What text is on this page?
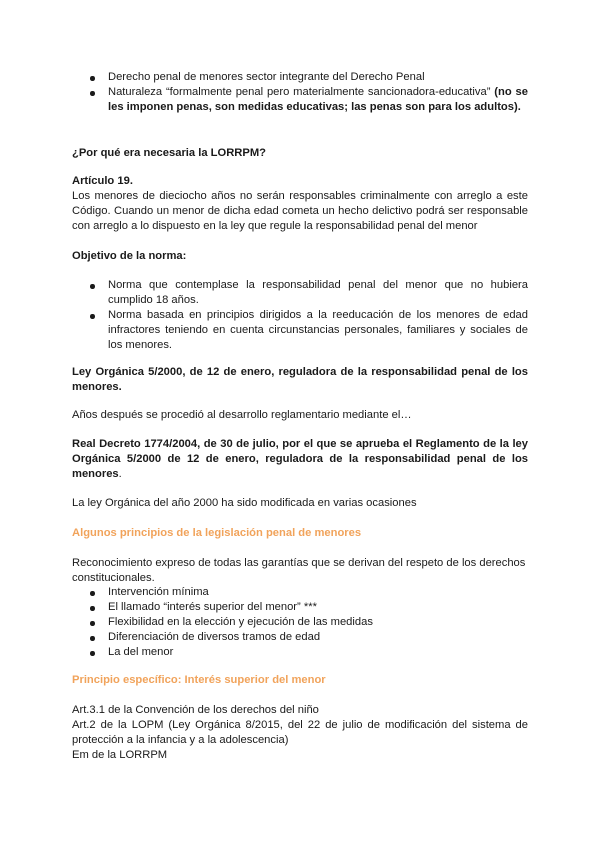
Derecho penal de menores sector integrante del Derecho Penal
Naturaleza “formalmente penal pero materialmente sancionadora-educativa” (no se les imponen penas, son medidas educativas; las penas son para los adultos).

¿Por qué era necesaria la LORRPM?

Artículo 19.

Los menores de dieciocho años no serán responsables criminalmente con arreglo a este Código. Cuando un menor de dicha edad cometa un hecho delictivo podrá ser responsable con arreglo a lo dispuesto en la ley que regule la responsabilidad penal del menor

Objetivo de la norma:

Norma que contemplase la responsabilidad penal del menor que no hubiera cumplido 18 años.
Norma basada en principios dirigidos a la reeducación de los menores de edad infractores teniendo en cuenta circunstancias personales, familiares y sociales de los menores.

Ley Orgánica 5/2000, de 12 de enero, reguladora de la responsabilidad penal de los menores.

Años después se procedió al desarrollo reglamentario mediante el…

Real Decreto 1774/2004, de 30 de julio, por el que se aprueba el Reglamento de la ley Orgánica 5/2000 de 12 de enero, reguladora de la responsabilidad penal de los menores.

La ley Orgánica del año 2000 ha sido modificada en varias ocasiones

Algunos principios de la legislación penal de menores

Reconocimiento expreso de todas las garantías que se derivan del respeto de los derechos constitucionales.

Intervención mínima
El llamado “interés superior del menor” ***
Flexibilidad en la elección y ejecución de las medidas
Diferenciación de diversos tramos de edad
La del menor

Principio específico: Interés superior del menor

Art.3.1 de la Convención de los derechos del niño

Art.2 de la LOPM (Ley Orgánica 8/2015, del 22 de julio de modificación del sistema de protección a la infancia y a la adolescencia)

Em de la LORRPM
